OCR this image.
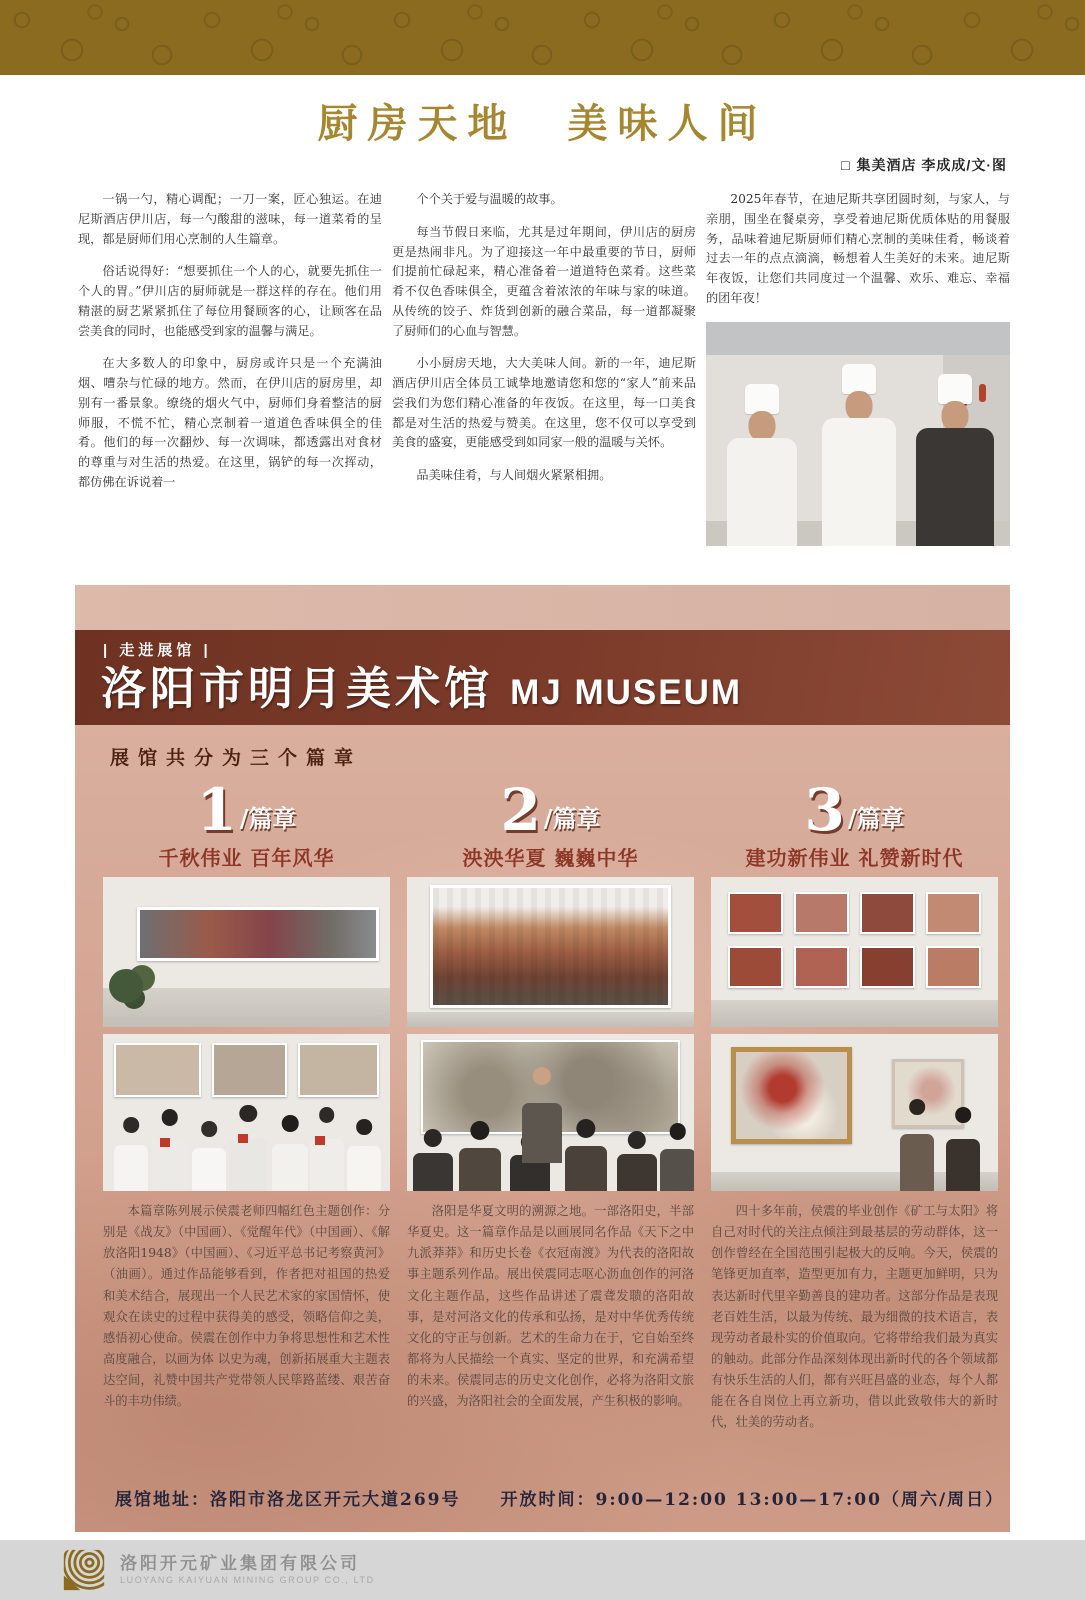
厨房天地　美味人间
□ 集美酒店 李成成/文·图

一锅一勺，精心调配；一刀一案，匠心独运。在迪尼斯酒店伊川店，每一勺酸甜的滋味，每一道菜肴的呈现，都是厨师们用心烹制的人生篇章。

俗话说得好：“想要抓住一个人的心，就要先抓住一个人的胃。”伊川店的厨师就是一群这样的存在。他们用精湛的厨艺紧紧抓住了每位用餐顾客的心，让顾客在品尝美食的同时，也能感受到家的温馨与满足。

在大多数人的印象中，厨房或许只是一个充满油烟、嘈杂与忙碌的地方。然而，在伊川店的厨房里，却别有一番景象。缭绕的烟火气中，厨师们身着整洁的厨师服，不慌不忙，精心烹制着一道道色香味俱全的佳肴。他们的每一次翻炒、每一次调味，都透露出对食材的尊重与对生活的热爱。在这里，锅铲的每一次挥动，都仿佛在诉说着一

个个关于爱与温暖的故事。

每当节假日来临，尤其是过年期间，伊川店的厨房更是热闹非凡。为了迎接这一年中最重要的节日，厨师们提前忙碌起来，精心准备着一道道特色菜肴。这些菜肴不仅色香味俱全，更蕴含着浓浓的年味与家的味道。从传统的饺子、炸货到创新的融合菜品，每一道都凝聚了厨师们的心血与智慧。

小小厨房天地，大大美味人间。新的一年，迪尼斯酒店伊川店全体员工诚挚地邀请您和您的“家人”前来品尝我们为您们精心准备的年夜饭。在这里，每一口美食都是对生活的热爱与赞美。在这里，您不仅可以享受到美食的盛宴，更能感受到如同家一般的温暖与关怀。

品美味佳肴，与人间烟火紧紧相拥。

2025年春节，在迪尼斯共享团圆时刻，与家人，与亲朋，围坐在餐桌旁，享受着迪尼斯优质体贴的用餐服务，品味着迪尼斯厨师们精心烹制的美味佳肴，畅谈着过去一年的点点滴滴，畅想着人生美好的未来。迪尼斯年夜饭，让您们共同度过一个温馨、欢乐、难忘、幸福的团年夜！

| 走进展馆 |
洛阳市明月美术馆 MJ MUSEUM
展馆共分为三个篇章
1 /篇章
千秋伟业 百年风华

本篇章陈列展示侯震老师四幅红色主题创作：分别是《战友》（中国画）、《觉醒年代》（中国画）、《解放洛阳1948》（中国画）、《习近平总书记考察黄河》（油画）。通过作品能够看到，作者把对祖国的热爱和美术结合，展现出一个人民艺术家的家国情怀，使观众在读史的过程中获得美的感受，领略信仰之美，感悟初心使命。侯震在创作中力争将思想性和艺术性高度融合，以画为体 以史为魂，创新拓展重大主题表达空间，礼赞中国共产党带领人民筚路蓝缕、艰苦奋斗的丰功伟绩。

2 /篇章
泱泱华夏 巍巍中华

洛阳是华夏文明的溯源之地。一部洛阳史，半部华夏史。这一篇章作品是以画展同名作品《天下之中 九派莽莽》和历史长卷《衣冠南渡》为代表的洛阳故事主题系列作品。展出侯震同志呕心沥血创作的河洛文化主题作品，这些作品讲述了震聋发聩的洛阳故事，是对河洛文化的传承和弘扬，是对中华优秀传统文化的守正与创新。艺术的生命力在于，它自始至终都将为人民描绘一个真实、坚定的世界，和充满希望的未来。侯震同志的历史文化创作，必将为洛阳文旅的兴盛，为洛阳社会的全面发展，产生积极的影响。

3 /篇章
建功新伟业 礼赞新时代

四十多年前，侯震的毕业创作《矿工与太阳》将自己对时代的关注点倾注到最基层的劳动群体，这一创作曾经在全国范围引起极大的反响。今天，侯震的笔锋更加直率，造型更加有力，主题更加鲜明，只为表达新时代里辛勤善良的建功者。这部分作品是表现老百姓生活，以最为传统、最为细微的技术语言，表现劳动者最朴实的价值取向。它将带给我们最为真实的触动。此部分作品深刻体现出新时代的各个领域都有快乐生活的人们，都有兴旺昌盛的业态，每个人都能在各自岗位上再立新功，借以此致敬伟大的新时代，壮美的劳动者。

展馆地址：洛阳市洛龙区开元大道269号 开放时间：9:00—12:00 13:00—17:00（周六/周日）
洛阳开元矿业集团有限公司
LUOYANG KAIYUAN MINING GROUP CO., LTD
